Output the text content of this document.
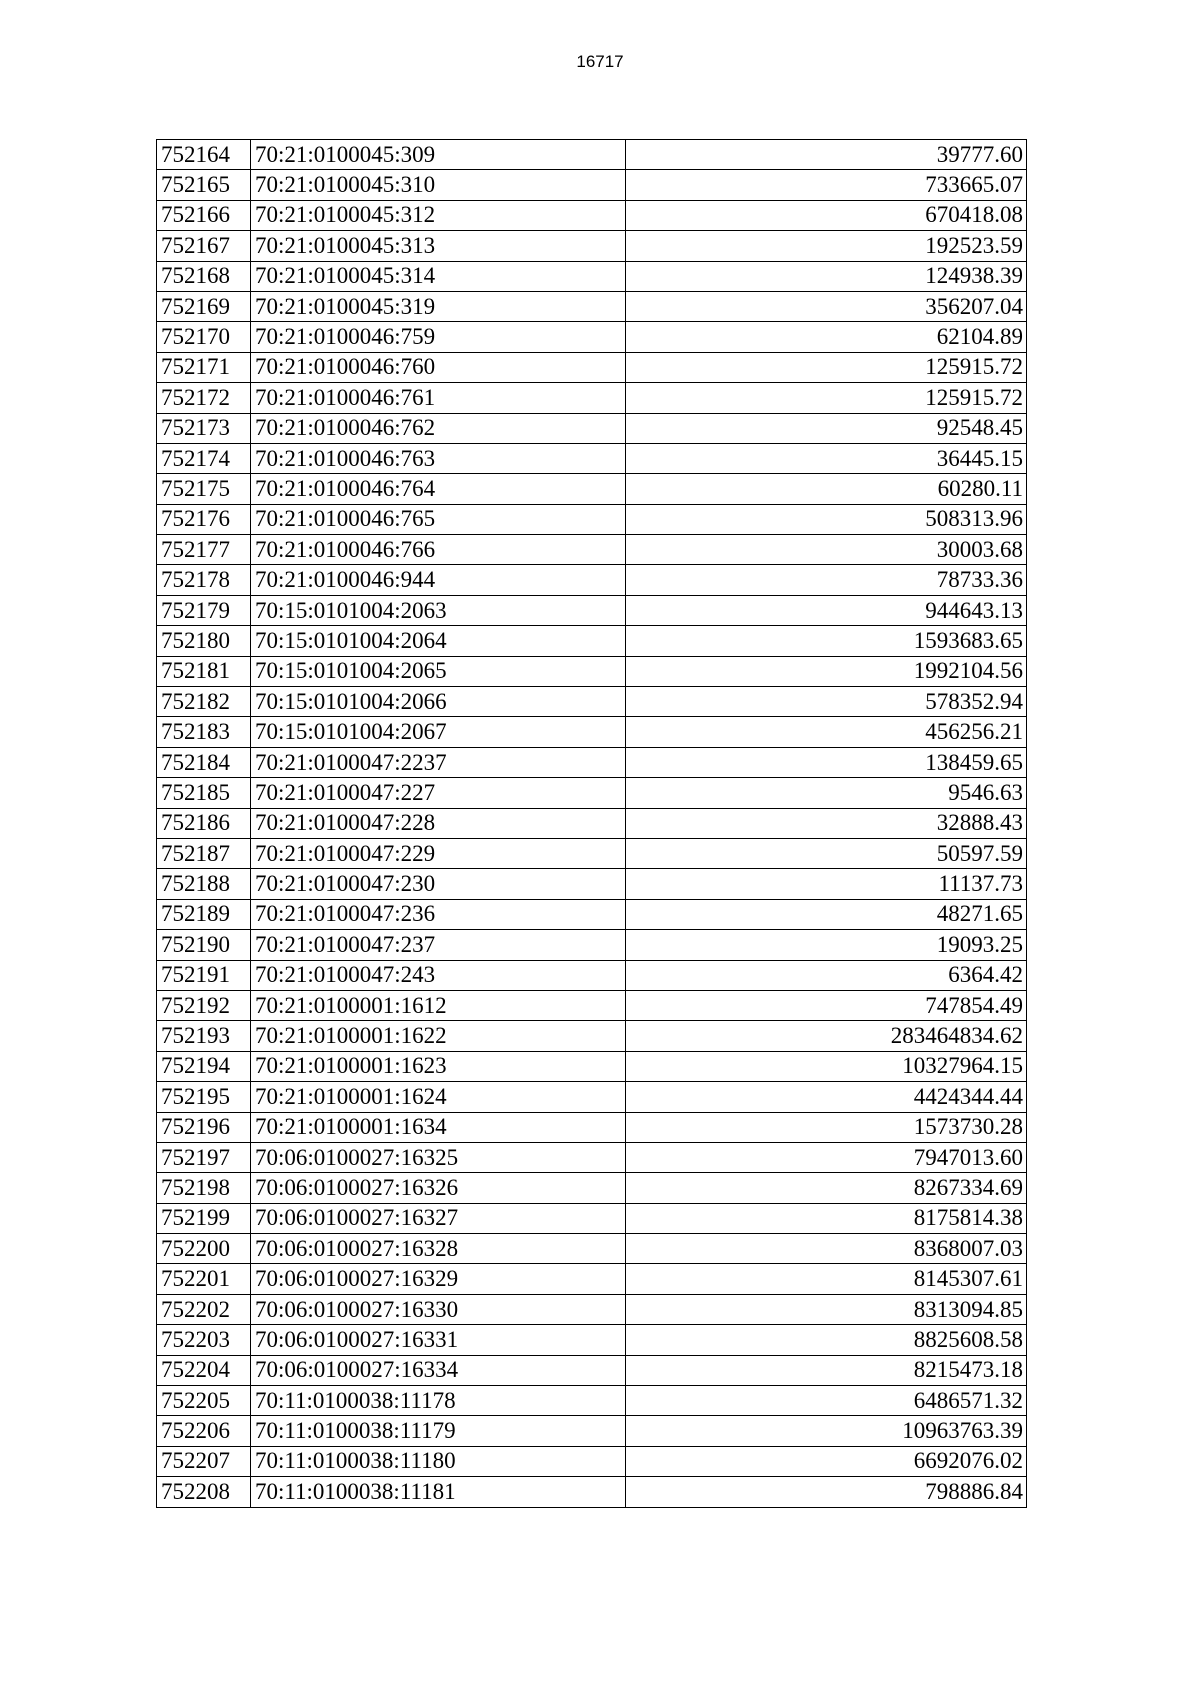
16717
752164	70:21:0100045:309	39777.60
752165	70:21:0100045:310	733665.07
752166	70:21:0100045:312	670418.08
752167	70:21:0100045:313	192523.59
752168	70:21:0100045:314	124938.39
752169	70:21:0100045:319	356207.04
752170	70:21:0100046:759	62104.89
752171	70:21:0100046:760	125915.72
752172	70:21:0100046:761	125915.72
752173	70:21:0100046:762	92548.45
752174	70:21:0100046:763	36445.15
752175	70:21:0100046:764	60280.11
752176	70:21:0100046:765	508313.96
752177	70:21:0100046:766	30003.68
752178	70:21:0100046:944	78733.36
752179	70:15:0101004:2063	944643.13
752180	70:15:0101004:2064	1593683.65
752181	70:15:0101004:2065	1992104.56
752182	70:15:0101004:2066	578352.94
752183	70:15:0101004:2067	456256.21
752184	70:21:0100047:2237	138459.65
752185	70:21:0100047:227	9546.63
752186	70:21:0100047:228	32888.43
752187	70:21:0100047:229	50597.59
752188	70:21:0100047:230	11137.73
752189	70:21:0100047:236	48271.65
752190	70:21:0100047:237	19093.25
752191	70:21:0100047:243	6364.42
752192	70:21:0100001:1612	747854.49
752193	70:21:0100001:1622	283464834.62
752194	70:21:0100001:1623	10327964.15
752195	70:21:0100001:1624	4424344.44
752196	70:21:0100001:1634	1573730.28
752197	70:06:0100027:16325	7947013.60
752198	70:06:0100027:16326	8267334.69
752199	70:06:0100027:16327	8175814.38
752200	70:06:0100027:16328	8368007.03
752201	70:06:0100027:16329	8145307.61
752202	70:06:0100027:16330	8313094.85
752203	70:06:0100027:16331	8825608.58
752204	70:06:0100027:16334	8215473.18
752205	70:11:0100038:11178	6486571.32
752206	70:11:0100038:11179	10963763.39
752207	70:11:0100038:11180	6692076.02
752208	70:11:0100038:11181	798886.84
